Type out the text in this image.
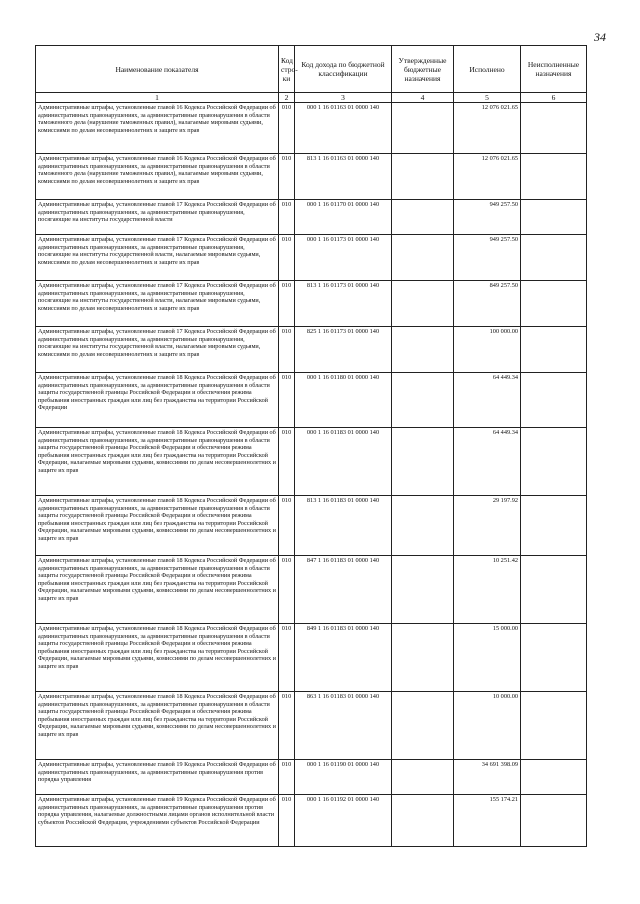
34
Наименование показателя	Код стро-ки	Код дохода по бюджетной классификации	Утвержденные бюджетные назначения	Исполнено	Неисполненные назначения
1	2	3	4	5	6
Административные штрафы, установленные главой 16 Кодекса Российской Федерации об административных правонарушениях, за административные правонарушения в области таможенного дела (нарушение таможенных правил), налагаемые мировыми судьями, комиссиями по делам несовершеннолетних и защите их прав	010	000 1 16 01163 01 0000 140		12 076 021.65	
Административные штрафы, установленные главой 16 Кодекса Российской Федерации об административных правонарушениях, за административные правонарушения в области таможенного дела (нарушение таможенных правил), налагаемые мировыми судьями, комиссиями по делам несовершеннолетних и защите их прав	010	813 1 16 01163 01 0000 140		12 076 021.65	
Административные штрафы, установленные главой 17 Кодекса Российской Федерации об административных правонарушениях, за административные правонарушения, посягающие на институты государственной власти	010	000 1 16 01170 01 0000 140		949 257.50	
Административные штрафы, установленные главой 17 Кодекса Российской Федерации об административных правонарушениях, за административные правонарушения, посягающие на институты государственной власти, налагаемые мировыми судьями, комиссиями по делам несовершеннолетних и защите их прав	010	000 1 16 01173 01 0000 140		949 257.50	
Административные штрафы, установленные главой 17 Кодекса Российской Федерации об административных правонарушениях, за административные правонарушения, посягающие на институты государственной власти, налагаемые мировыми судьями, комиссиями по делам несовершеннолетних и защите их прав	010	813 1 16 01173 01 0000 140		849 257.50	
Административные штрафы, установленные главой 17 Кодекса Российской Федерации об административных правонарушениях, за административные правонарушения, посягающие на институты государственной власти, налагаемые мировыми судьями, комиссиями по делам несовершеннолетних и защите их прав	010	825 1 16 01173 01 0000 140		100 000.00	
Административные штрафы, установленные главой 18 Кодекса Российской Федерации об административных правонарушениях, за административные правонарушения в области защиты государственной границы Российской Федерации и обеспечения режима пребывания иностранных граждан или лиц без гражданства на территории Российской Федерации	010	000 1 16 01180 01 0000 140		64 449.34	
Административные штрафы, установленные главой 18 Кодекса Российской Федерации об административных правонарушениях, за административные правонарушения в области защиты государственной границы Российской Федерации и обеспечения режима пребывания иностранных граждан или лиц без гражданства на территории Российской Федерации, налагаемые мировыми судьями, комиссиями по делам несовершеннолетних и защите их прав	010	000 1 16 01183 01 0000 140		64 449.34	
Административные штрафы, установленные главой 18 Кодекса Российской Федерации об административных правонарушениях, за административные правонарушения в области защиты государственной границы Российской Федерации и обеспечения режима пребывания иностранных граждан или лиц без гражданства на территории Российской Федерации, налагаемые мировыми судьями, комиссиями по делам несовершеннолетних и защите их прав	010	813 1 16 01183 01 0000 140		29 197.92	
Административные штрафы, установленные главой 18 Кодекса Российской Федерации об административных правонарушениях, за административные правонарушения в области защиты государственной границы Российской Федерации и обеспечения режима пребывания иностранных граждан или лиц без гражданства на территории Российской Федерации, налагаемые мировыми судьями, комиссиями по делам несовершеннолетних и защите их прав	010	847 1 16 01183 01 0000 140		10 251.42	
Административные штрафы, установленные главой 18 Кодекса Российской Федерации об административных правонарушениях, за административные правонарушения в области защиты государственной границы Российской Федерации и обеспечения режима пребывания иностранных граждан или лиц без гражданства на территории Российской Федерации, налагаемые мировыми судьями, комиссиями по делам несовершеннолетних и защите их прав	010	849 1 16 01183 01 0000 140		15 000.00	
Административные штрафы, установленные главой 18 Кодекса Российской Федерации об административных правонарушениях, за административные правонарушения в области защиты государственной границы Российской Федерации и обеспечения режима пребывания иностранных граждан или лиц без гражданства на территории Российской Федерации, налагаемые мировыми судьями, комиссиями по делам несовершеннолетних и защите их прав	010	863 1 16 01183 01 0000 140		10 000.00	
Административные штрафы, установленные главой 19 Кодекса Российской Федерации об административных правонарушениях, за административные правонарушения против порядка управления	010	000 1 16 01190 01 0000 140		34 691 398.09	
Административные штрафы, установленные главой 19 Кодекса Российской Федерации об административных правонарушениях, за административные правонарушения против порядка управления, налагаемые должностными лицами органов исполнительной власти субъектов Российской Федерации, учреждениями субъектов Российской Федерации	010	000 1 16 01192 01 0000 140		155 174.21	
